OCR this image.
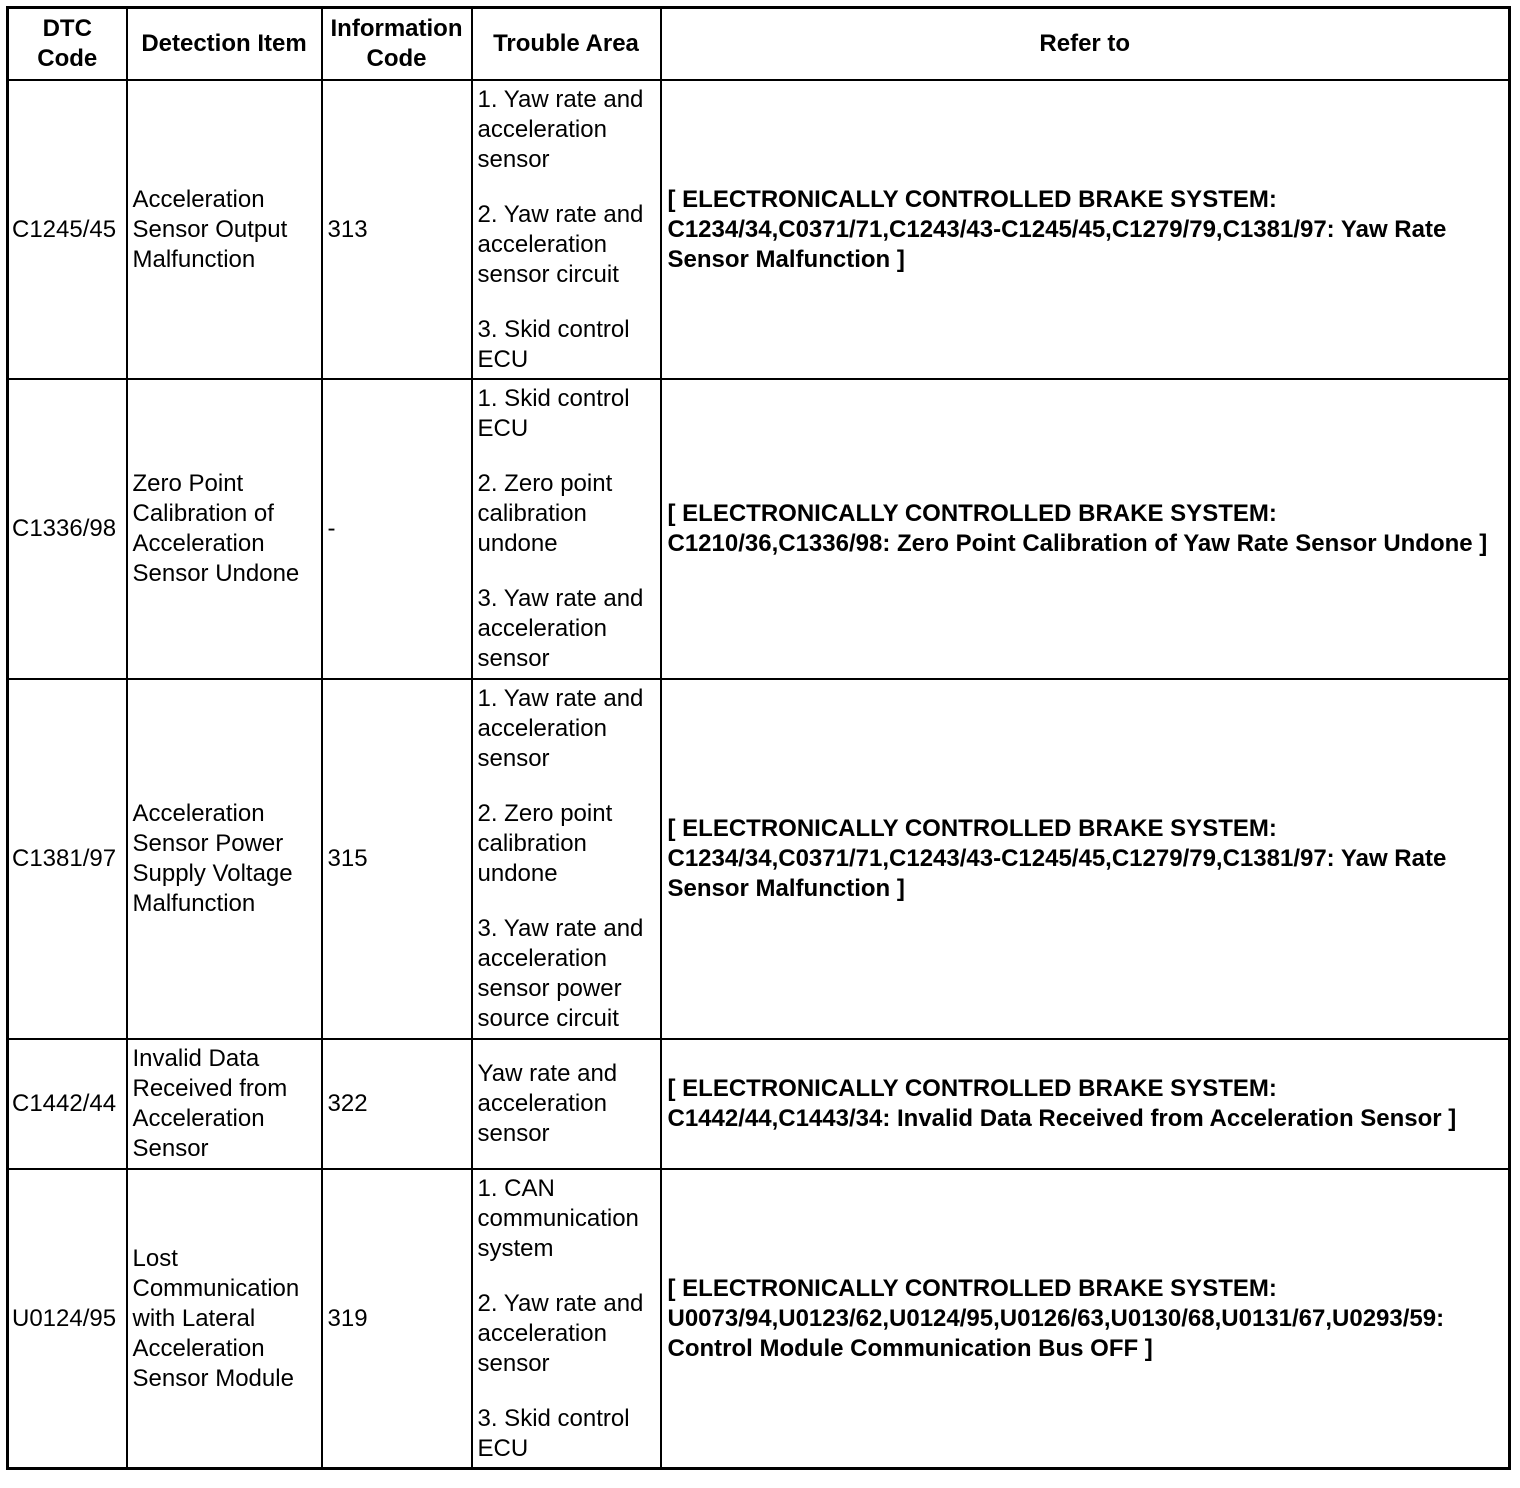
DTC Code	Detection Item	Information Code	Trouble Area	Refer to
C1245/45	Acceleration Sensor Output Malfunction	313	1. Yaw rate and acceleration sensor

2. Yaw rate and acceleration sensor circuit

3. Skid control ECU	[ ELECTRONICALLY CONTROLLED BRAKE SYSTEM: C1234/34,C0371/71,C1243/43-C1245/45,C1279/79,C1381/97: Yaw Rate Sensor Malfunction ]
C1336/98	Zero Point Calibration of Acceleration Sensor Undone	-	1. Skid control ECU

2. Zero point calibration undone

3. Yaw rate and acceleration sensor	[ ELECTRONICALLY CONTROLLED BRAKE SYSTEM: C1210/36,C1336/98: Zero Point Calibration of Yaw Rate Sensor Undone ]
C1381/97	Acceleration Sensor Power Supply Voltage Malfunction	315	1. Yaw rate and acceleration sensor

2. Zero point calibration undone

3. Yaw rate and acceleration sensor power source circuit	[ ELECTRONICALLY CONTROLLED BRAKE SYSTEM: C1234/34,C0371/71,C1243/43-C1245/45,C1279/79,C1381/97: Yaw Rate Sensor Malfunction ]
C1442/44	Invalid Data Received from Acceleration Sensor	322	Yaw rate and acceleration sensor	[ ELECTRONICALLY CONTROLLED BRAKE SYSTEM: C1442/44,C1443/34: Invalid Data Received from Acceleration Sensor ]
U0124/95	Lost Communication with Lateral Acceleration Sensor Module	319	1. CAN communication system

2. Yaw rate and acceleration sensor

3. Skid control ECU	[ ELECTRONICALLY CONTROLLED BRAKE SYSTEM: U0073/94,U0123/62,U0124/95,U0126/63,U0130/68,U0131/67,U0293/59: Control Module Communication Bus OFF ]
